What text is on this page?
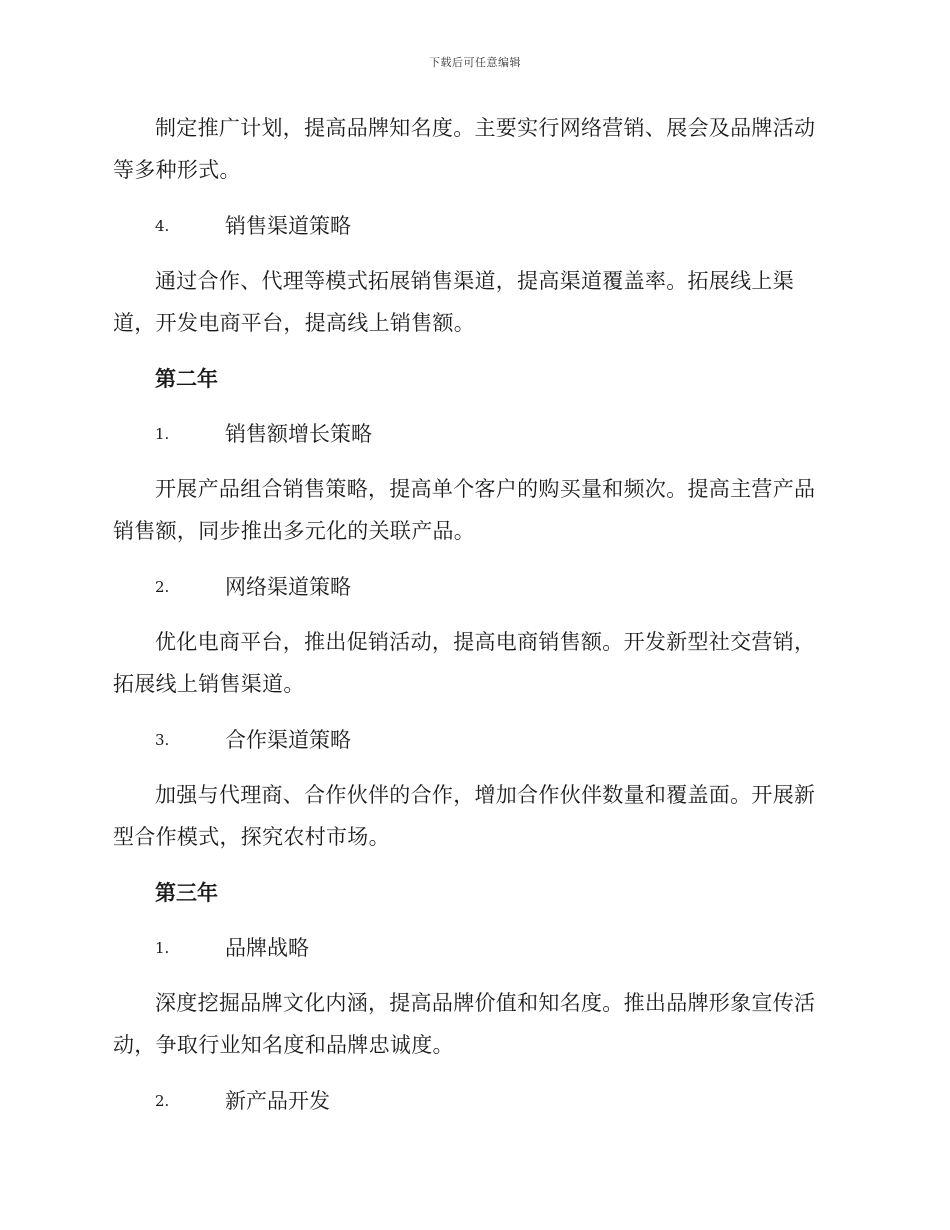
下载后可任意编辑

制定推广计划，提高品牌知名度。主要实行网络营销、展会及品牌活动等多种形式。

4.	销售渠道策略

通过合作、代理等模式拓展销售渠道，提高渠道覆盖率。拓展线上渠道，开发电商平台，提高线上销售额。

第二年
1.	销售额增长策略

开展产品组合销售策略，提高单个客户的购买量和频次。提高主营产品销售额，同步推出多元化的关联产品。

2.	网络渠道策略

优化电商平台，推出促销活动，提高电商销售额。开发新型社交营销，拓展线上销售渠道。

3.	合作渠道策略

加强与代理商、合作伙伴的合作，增加合作伙伴数量和覆盖面。开展新型合作模式，探究农村市场。

第三年
1.	品牌战略

深度挖掘品牌文化内涵，提高品牌价值和知名度。推出品牌形象宣传活动，争取行业知名度和品牌忠诚度。

2.	新产品开发
